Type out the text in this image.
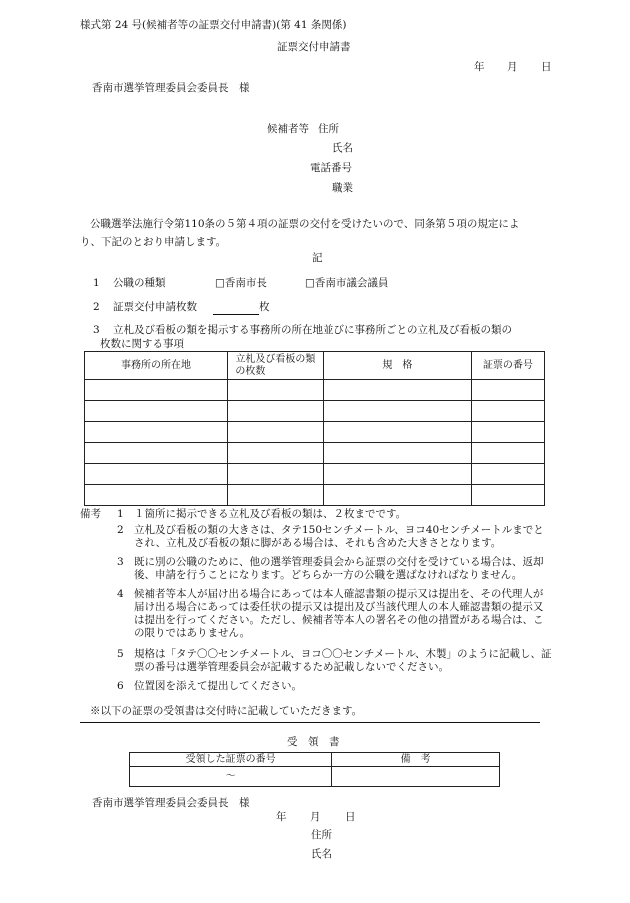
様式第 24 号(候補者等の証票交付申請書)(第 41 条関係)
証票交付申請書
年 月 日
香南市選挙管理委員会委員長　様
候補者等 住所
氏名
電話番号
職業
公職選挙法施行令第110条の５第４項の証票の交付を受けたいので、同条第５項の規定によ
り、下記のとおり申請します。
記
1 公職の種類	□香南市長	□香南市議会議員
2 証票交付申請枚数	枚
3 立札及び看板の類を掲示する事務所の所在地並びに事務所ごとの立札及び看板の類の
枚数に関する事項
事務所の所在地	立札及び看板の類の枚数	規　格	証票の番号

備考 1 １箇所に掲示できる立札及び看板の類は、２枚までです。
2 立札及び看板の類の大きさは、タテ150センチメートル、ヨコ40センチメートルまでとされ、立札及び看板の類に脚がある場合は、それも含めた大きさとなります。
3 既に別の公職のために、他の選挙管理委員会から証票の交付を受けている場合は、返却後、申請を行うことになります。どちらか一方の公職を選ばなければなりません。
4 候補者等本人が届け出る場合にあっては本人確認書類の提示又は提出を、その代理人が届け出る場合にあっては委任状の提示又は提出及び当該代理人の本人確認書類の提示又は提出を行ってください。ただし、候補者等本人の署名その他の措置がある場合は、この限りではありません。
5 規格は「タテ〇〇センチメートル、ヨコ〇〇センチメートル、木製」のように記載し、証票の番号は選挙管理委員会が記載するため記載しないでください。
6 位置図を添えて提出してください。
※以下の証票の受領書は交付時に記載していただきます。
受　領　書
受領した証票の番号	備　考
～	
香南市選挙管理委員会委員長　様
年 月 日
住所
氏名
